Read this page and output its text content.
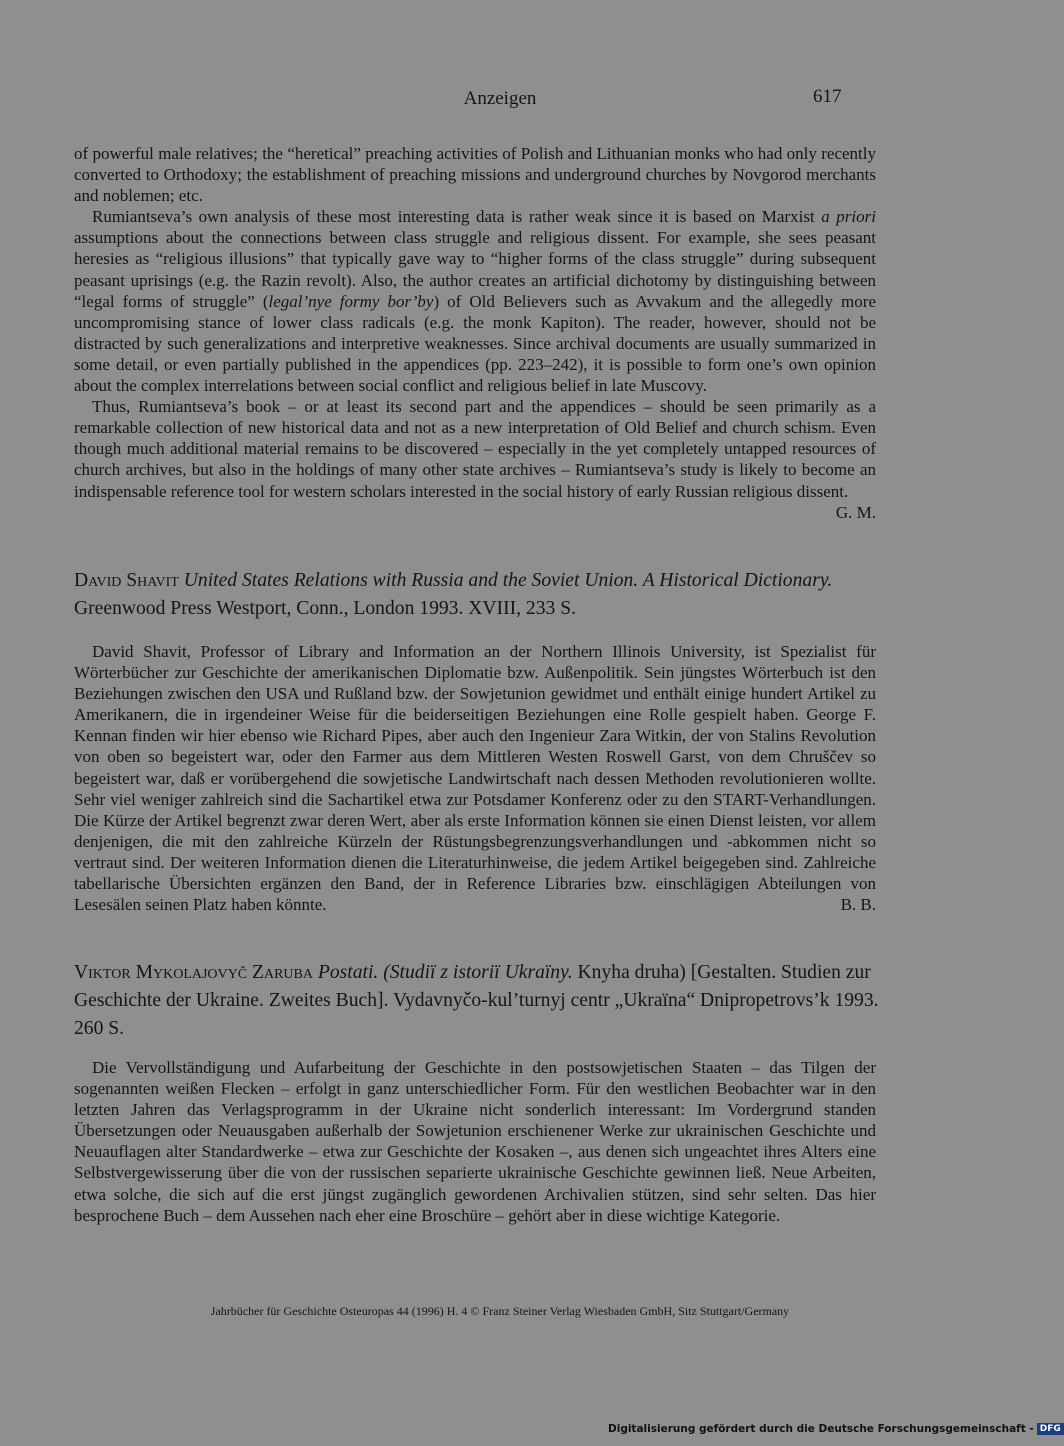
Anzeigen	617

of powerful male relatives; the “heretical” preaching activities of Polish and Lithuanian monks who had only recently converted to Orthodoxy; the establishment of preaching missions and underground churches by Novgorod merchants and noblemen; etc.

Rumiantseva’s own analysis of these most interesting data is rather weak since it is based on Marxist a priori assumptions about the connections between class struggle and religious dissent. For example, she sees peasant heresies as “religious illusions” that typically gave way to “higher forms of the class struggle” during subsequent peasant uprisings (e.g. the Razin revolt). Also, the author creates an artificial dichotomy by distinguishing between “legal forms of struggle” (legal’nye formy bor’by) of Old Believers such as Avvakum and the allegedly more uncompromising stance of lower class radicals (e.g. the monk Kapiton). The reader, however, should not be distracted by such generalizations and interpretive weaknesses. Since archival documents are usually summarized in some detail, or even partially published in the appendices (pp. 223–242), it is possible to form one’s own opinion about the complex interrelations between social conflict and religious belief in late Muscovy.

Thus, Rumiantseva’s book – or at least its second part and the appendices – should be seen primarily as a remarkable collection of new historical data and not as a new interpretation of Old Belief and church schism. Even though much additional material remains to be discovered – especially in the yet completely untapped resources of church archives, but also in the holdings of many other state archives – Rumiantseva’s study is likely to become an indispensable reference tool for western scholars interested in the social history of early Russian religious dissent.
G. M.

David Shavit United States Relations with Russia and the Soviet Union. A Historical Dictionary. Greenwood Press Westport, Conn., London 1993. XVIII, 233 S.

David Shavit, Professor of Library and Information an der Northern Illinois University, ist Spezialist für Wörterbücher zur Geschichte der amerikanischen Diplomatie bzw. Außenpolitik. Sein jüngstes Wörterbuch ist den Beziehungen zwischen den USA und Rußland bzw. der Sowjetunion gewidmet und enthält einige hundert Artikel zu Amerikanern, die in irgendeiner Weise für die beiderseitigen Beziehungen eine Rolle gespielt haben. George F. Kennan finden wir hier ebenso wie Richard Pipes, aber auch den Ingenieur Zara Witkin, der von Stalins Revolution von oben so begeistert war, oder den Farmer aus dem Mittleren Westen Roswell Garst, von dem Chruščev so begeistert war, daß er vorübergehend die sowjetische Landwirtschaft nach dessen Methoden revolutionieren wollte. Sehr viel weniger zahlreich sind die Sachartikel etwa zur Potsdamer Konferenz oder zu den START-Verhandlungen. Die Kürze der Artikel begrenzt zwar deren Wert, aber als erste Information können sie einen Dienst leisten, vor allem denjenigen, die mit den zahlreiche Kürzeln der Rüstungsbegrenzungsverhandlungen und -abkommen nicht so vertraut sind. Der weiteren Information dienen die Literaturhinweise, die jedem Artikel beigegeben sind. Zahlreiche tabellarische Übersichten ergänzen den Band, der in Reference Libraries bzw. einschlägigen Abteilungen von Lesesälen seinen Platz haben könnte.	B. B.

Viktor Mykolajovyč Zaruba Postati. (Studiï z istoriï Ukraïny. Knyha druha) [Gestalten. Studien zur Geschichte der Ukraine. Zweites Buch]. Vydavnyčo-kul’turnyj centr „Ukraïna“ Dnipropetrovs’k 1993. 260 S.

Die Vervollständigung und Aufarbeitung der Geschichte in den postsowjetischen Staaten – das Tilgen der sogenannten weißen Flecken – erfolgt in ganz unterschiedlicher Form. Für den westlichen Beobachter war in den letzten Jahren das Verlagsprogramm in der Ukraine nicht sonderlich interessant: Im Vordergrund standen Übersetzungen oder Neuausgaben außerhalb der Sowjetunion erschienener Werke zur ukrainischen Geschichte und Neuauflagen alter Standardwerke – etwa zur Geschichte der Kosaken –, aus denen sich ungeachtet ihres Alters eine Selbstvergewisserung über die von der russischen separierte ukrainische Geschichte gewinnen ließ. Neue Arbeiten, etwa solche, die sich auf die erst jüngst zugänglich gewordenen Archivalien stützen, sind sehr selten. Das hier besprochene Buch – dem Aussehen nach eher eine Broschüre – gehört aber in diese wichtige Kategorie.

Jahrbücher für Geschichte Osteuropas 44 (1996) H. 4 © Franz Steiner Verlag Wiesbaden GmbH, Sitz Stuttgart/Germany
Digitalisierung gefördert durch die Deutsche Forschungsgemeinschaft - DFG
